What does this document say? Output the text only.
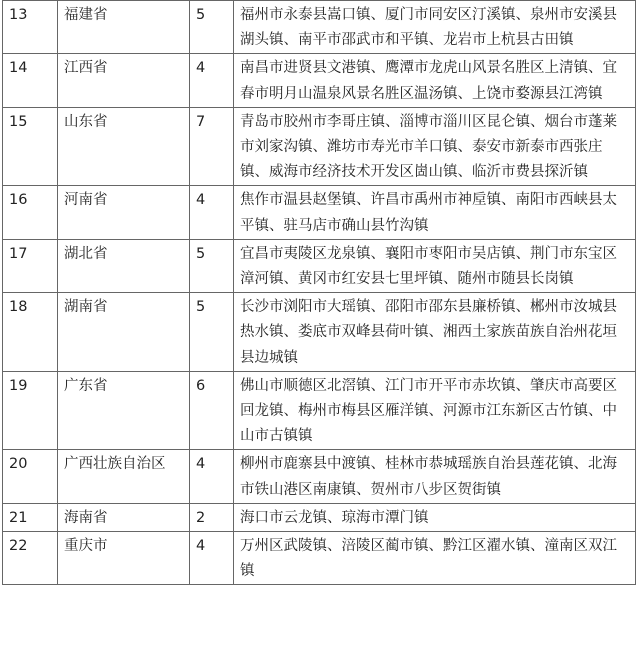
13	福建省	5	福州市永泰县嵩口镇、厦门市同安区汀溪镇、泉州市安溪县湖头镇、南平市邵武市和平镇、龙岩市上杭县古田镇
14	江西省	4	南昌市进贤县文港镇、鹰潭市龙虎山风景名胜区上清镇、宜春市明月山温泉风景名胜区温汤镇、上饶市婺源县江湾镇
15	山东省	7	青岛市胶州市李哥庄镇、淄博市淄川区昆仑镇、烟台市蓬莱市刘家沟镇、潍坊市寿光市羊口镇、泰安市新泰市西张庄镇、威海市经济技术开发区崮山镇、临沂市费县探沂镇
16	河南省	4	焦作市温县赵堡镇、许昌市禹州市神垕镇、南阳市西峡县太平镇、驻马店市确山县竹沟镇
17	湖北省	5	宜昌市夷陵区龙泉镇、襄阳市枣阳市吴店镇、荆门市东宝区漳河镇、黄冈市红安县七里坪镇、随州市随县长岗镇
18	湖南省	5	长沙市浏阳市大瑶镇、邵阳市邵东县廉桥镇、郴州市汝城县热水镇、娄底市双峰县荷叶镇、湘西土家族苗族自治州花垣县边城镇
19	广东省	6	佛山市顺德区北滘镇、江门市开平市赤坎镇、肇庆市高要区回龙镇、梅州市梅县区雁洋镇、河源市江东新区古竹镇、中山市古镇镇
20	广西壮族自治区	4	柳州市鹿寨县中渡镇、桂林市恭城瑶族自治县莲花镇、北海市铁山港区南康镇、贺州市八步区贺街镇
21	海南省	2	海口市云龙镇、琼海市潭门镇
22	重庆市	4	万州区武陵镇、涪陵区蔺市镇、黔江区濯水镇、潼南区双江镇
